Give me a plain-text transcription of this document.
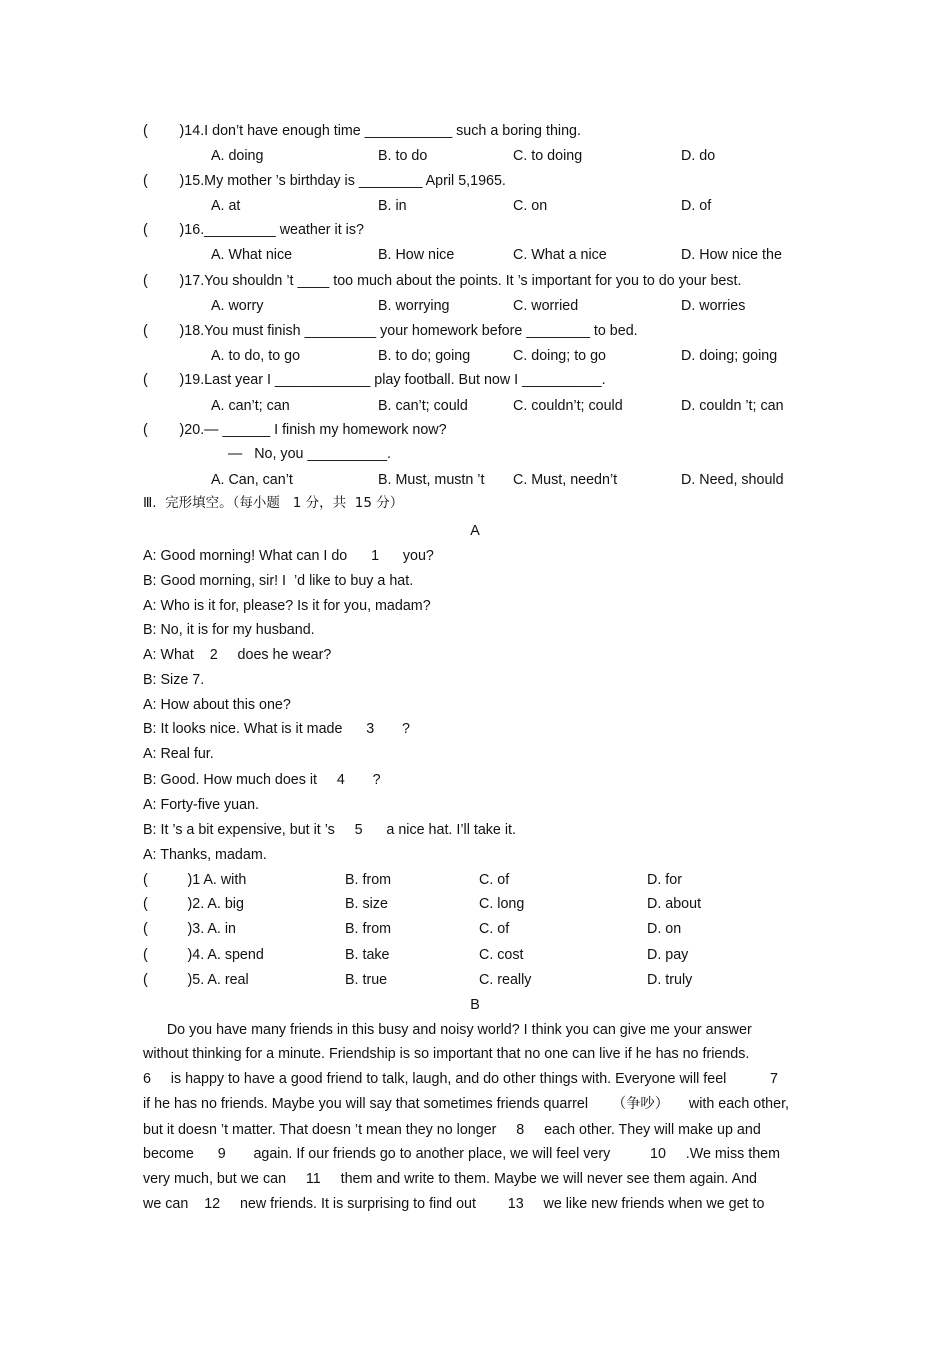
(        )14.I don’t have enough time ___________ such a boring thing.
A. doing	B. to do	C. to doing	D. do
(        )15.My mother ’s birthday is ________ April 5,1965.
A. at	B. in	C. on	D. of
(        )16._________ weather it is?
A. What nice	B. How nice	C. What a nice	D. How nice the
(        )17.You shouldn ’t ____ too much about the points. It ’s important for you to do your best.
A. worry	B. worrying	C. worried	D. worries
(        )18.You must finish _________ your homework before ________ to bed.
A. to do, to go	B. to do; going	C. doing; to go	D. doing; going
(        )19.Last year I ____________ play football. But now I __________.
A. can’t; can	B. can’t; could	C. couldn’t; could	D. couldn ’t; can
(        )20.— ______ I finish my homework now?
—   No, you __________.
A. Can, can’t	B. Must, mustn ’t C. Must, needn’t	D. Need, should
Ⅲ.  完形填空。（每小题   1 分，共  15 分）
A
A: Good morning! What can I do      1      you?
B: Good morning, sir! I  ’d like to buy a hat.
A: Who is it for, please? Is it for you, madam?
B: No, it is for my husband.
A: What    2     does he wear?
B: Size 7.
A: How about this one?
B: It looks nice. What is it made      3       ?
A: Real fur.
B: Good. How much does it     4       ?
A: Forty-five yuan.
B: It ’s a bit expensive, but it ’s     5      a nice hat. I’ll take it.
A: Thanks, madam.
(          )1 A. with	B. from	C. of	D. for
(          )2. A. big	B. size	C. long	D. about
(          )3. A. in	B. from	C. of	D. on
(          )4. A. spend	B. take	C. cost	D. pay
(          )5. A. real	B. true	C. really	D. truly
B
Do you have many friends in this busy and noisy world? I think you can give me your answer
without thinking for a minute. Friendship is so important that no one can live if he has no friends.
6     is happy to have a good friend to talk, laugh, and do other things with. Everyone will feel           7
if he has no friends. Maybe you will say that sometimes friends quarrel      （争吵）     with each other,
but it doesn ’t matter. That doesn ’t mean they no longer     8     each other. They will make up and
become      9       again. If our friends go to another place, we will feel very          10     .We miss them
very much, but we can     11     them and write to them. Maybe we will never see them again. And
we can    12     new friends. It is surprising to find out        13     we like new friends when we get to
